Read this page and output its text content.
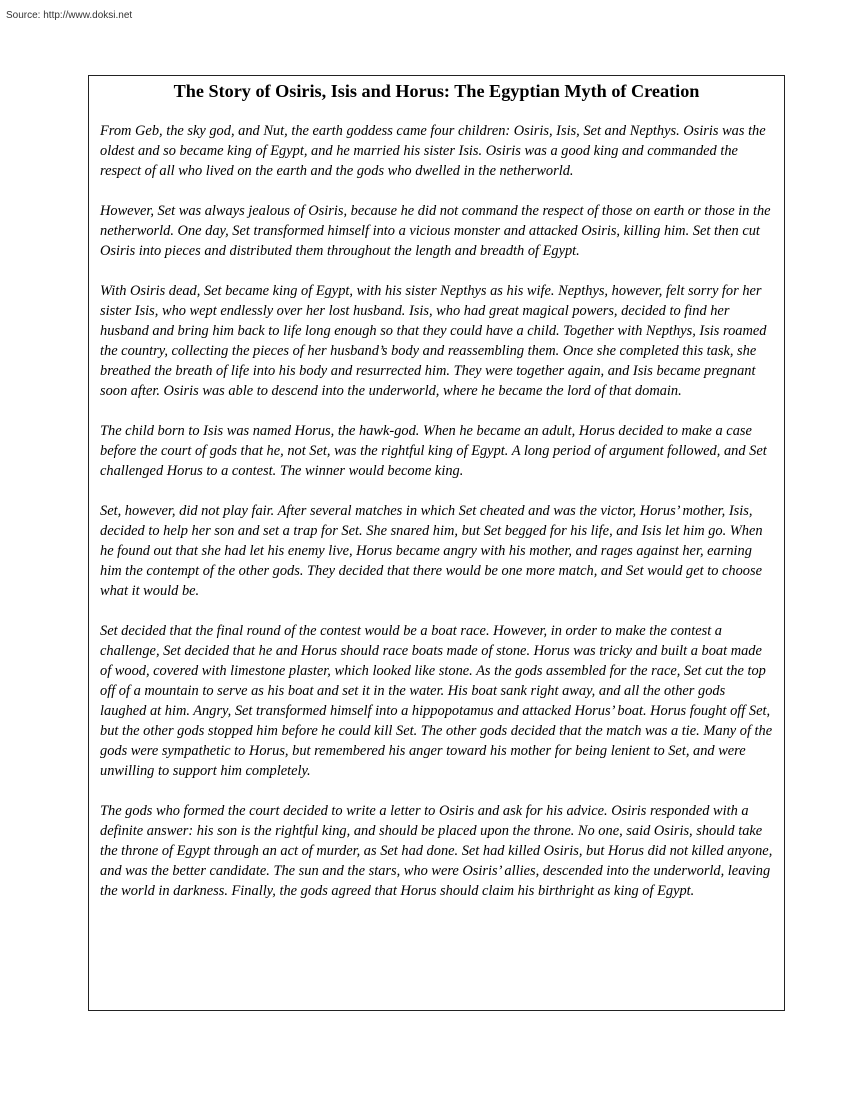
Source: http://www.doksi.net

The Story of Osiris, Isis and Horus: The Egyptian Myth of Creation

From Geb, the sky god, and Nut, the earth goddess came four children: Osiris, Isis, Set and Nepthys. Osiris was the oldest and so became king of Egypt, and he married his sister Isis. Osiris was a good king and commanded the respect of all who lived on the earth and the gods who dwelled in the netherworld.

However, Set was always jealous of Osiris, because he did not command the respect of those on earth or those in the netherworld. One day, Set transformed himself into a vicious monster and attacked Osiris, killing him. Set then cut Osiris into pieces and distributed them throughout the length and breadth of Egypt.

With Osiris dead, Set became king of Egypt, with his sister Nepthys as his wife. Nepthys, however, felt sorry for her sister Isis, who wept endlessly over her lost husband. Isis, who had great magical powers, decided to find her husband and bring him back to life long enough so that they could have a child. Together with Nepthys, Isis roamed the country, collecting the pieces of her husband’s body and reassembling them. Once she completed this task, she breathed the breath of life into his body and resurrected him. They were together again, and Isis became pregnant soon after. Osiris was able to descend into the underworld, where he became the lord of that domain.

The child born to Isis was named Horus, the hawk-god. When he became an adult, Horus decided to make a case before the court of gods that he, not Set, was the rightful king of Egypt. A long period of argument followed, and Set challenged Horus to a contest. The winner would become king.

Set, however, did not play fair. After several matches in which Set cheated and was the victor, Horus’ mother, Isis, decided to help her son and set a trap for Set. She snared him, but Set begged for his life, and Isis let him go. When he found out that she had let his enemy live, Horus became angry with his mother, and rages against her, earning him the contempt of the other gods. They decided that there would be one more match, and Set would get to choose what it would be.

Set decided that the final round of the contest would be a boat race. However, in order to make the contest a challenge, Set decided that he and Horus should race boats made of stone. Horus was tricky and built a boat made of wood, covered with limestone plaster, which looked like stone. As the gods assembled for the race, Set cut the top off of a mountain to serve as his boat and set it in the water. His boat sank right away, and all the other gods laughed at him. Angry, Set transformed himself into a hippopotamus and attacked Horus’ boat. Horus fought off Set, but the other gods stopped him before he could kill Set. The other gods decided that the match was a tie. Many of the gods were sympathetic to Horus, but remembered his anger toward his mother for being lenient to Set, and were unwilling to support him completely.

The gods who formed the court decided to write a letter to Osiris and ask for his advice. Osiris responded with a definite answer: his son is the rightful king, and should be placed upon the throne. No one, said Osiris, should take the throne of Egypt through an act of murder, as Set had done. Set had killed Osiris, but Horus did not killed anyone, and was the better candidate. The sun and the stars, who were Osiris’ allies, descended into the underworld, leaving the world in darkness. Finally, the gods agreed that Horus should claim his birthright as king of Egypt.
